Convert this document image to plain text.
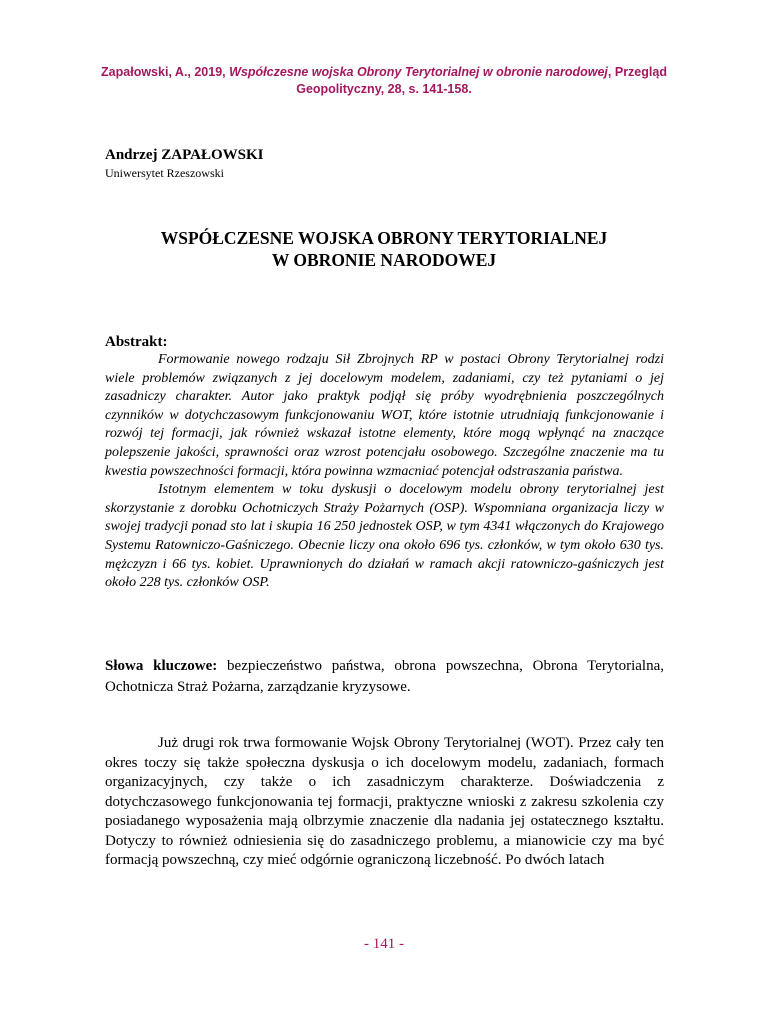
Zapałowski, A., 2019, Współczesne wojska Obrony Terytorialnej w obronie narodowej, Przegląd Geopolityczny, 28, s. 141-158.
Andrzej ZAPAŁOWSKI
Uniwersytet Rzeszowski
WSPÓŁCZESNE WOJSKA OBRONY TERYTORIALNEJ
W OBRONIE NARODOWEJ
Abstrakt:

Formowanie nowego rodzaju Sił Zbrojnych RP w postaci Obrony Terytorialnej rodzi wiele problemów związanych z jej docelowym modelem, zadaniami, czy też pytaniami o jej zasadniczy charakter. Autor jako praktyk podjął się próby wyodrębnienia poszczególnych czynników w dotychczasowym funkcjonowaniu WOT, które istotnie utrudniają funkcjonowanie i rozwój tej formacji, jak również wskazał istotne elementy, które mogą wpłynąć na znaczące polepszenie jakości, sprawności oraz wzrost potencjału osobowego. Szczególne znaczenie ma tu kwestia powszechności formacji, która powinna wzmacniać potencjał odstraszania państwa.

Istotnym elementem w toku dyskusji o docelowym modelu obrony terytorialnej jest skorzystanie z dorobku Ochotniczych Straży Pożarnych (OSP). Wspomniana organizacja liczy w swojej tradycji ponad sto lat i skupia 16 250 jednostek OSP, w tym 4341 włączonych do Krajowego Systemu Ratowniczo-Gaśniczego. Obecnie liczy ona około 696 tys. członków, w tym około 630 tys. mężczyzn i 66 tys. kobiet. Uprawnionych do działań w ramach akcji ratowniczo-gaśniczych jest około 228 tys. członków OSP.

Słowa kluczowe: bezpieczeństwo państwa, obrona powszechna, Obrona Terytorialna, Ochotnicza Straż Pożarna, zarządzanie kryzysowe.

Już drugi rok trwa formowanie Wojsk Obrony Terytorialnej (WOT). Przez cały ten okres toczy się także społeczna dyskusja o ich docelowym modelu, zadaniach, formach organizacyjnych, czy także o ich zasadniczym charakterze. Doświadczenia z dotychczasowego funkcjonowania tej formacji, praktyczne wnioski z zakresu szkolenia czy posiadanego wyposażenia mają olbrzymie znaczenie dla nadania jej ostatecznego kształtu. Dotyczy to również odniesienia się do zasadniczego problemu, a mianowicie czy ma być formacją powszechną, czy mieć odgórnie ograniczoną liczebność. Po dwóch latach

- 141 -
